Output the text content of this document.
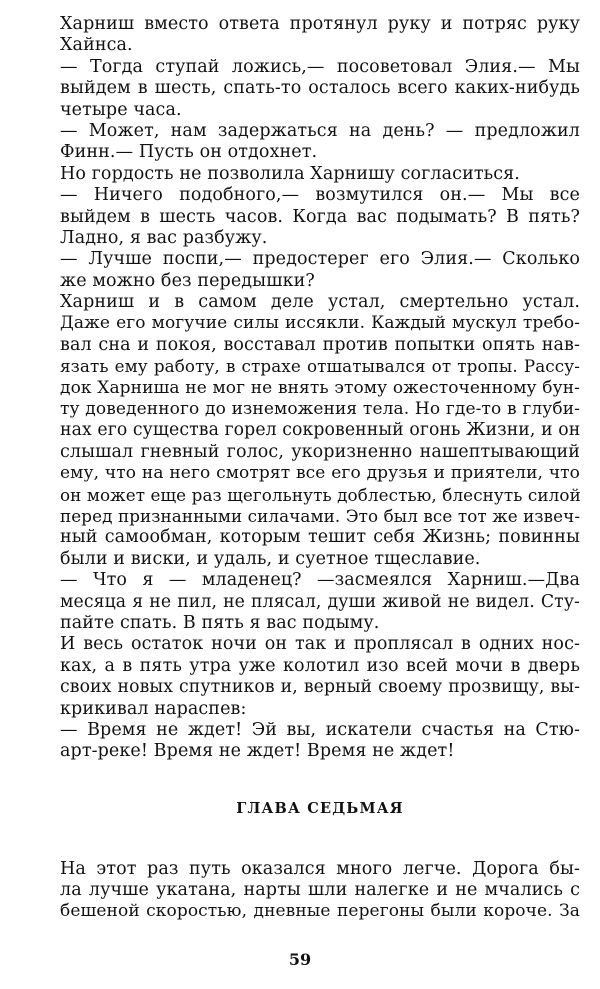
Харниш вместо ответа протянул руку и потряс руку
Хайнса.
— Тогда ступай ложись,— посоветовал Элия.— Мы
выйдем в шесть, спать-то осталось всего каких-нибудь
четыре часа.
— Может, нам задержаться на день? — предложил
Финн.— Пусть он отдохнет.
Но гордость не позволила Харнишу согласиться.
— Ничего подобного,— возмутился он.— Мы все
выйдем в шесть часов. Когда вас подымать? В пять?
Ладно, я вас разбужу.
— Лучше поспи,— предостерег его Элия.— Сколько
же можно без передышки?
Харниш и в самом деле устал, смертельно устал.
Даже его могучие силы иссякли. Каждый мускул требо-
вал сна и покоя, восставал против попытки опять нав-
язать ему работу, в страхе отшатывался от тропы. Рассу-
док Харниша не мог не внять этому ожесточенному бун-
ту доведенного до изнеможения тела. Но где-то в глуби-
нах его существа горел сокровенный огонь Жизни, и он
слышал гневный голос, укоризненно нашептывающий
ему, что на него смотрят все его друзья и приятели, что
он может еще раз щегольнуть доблестью, блеснуть силой
перед признанными силачами. Это был все тот же извеч-
ный самообман, которым тешит себя Жизнь; повинны
были и виски, и удаль, и суетное тщеславие.
— Что я — младенец? —засмеялся Харниш.—Два
месяца я не пил, не плясал, души живой не видел. Сту-
пайте спать. В пять я вас подыму.
И весь остаток ночи он так и проплясал в одних нос-
ках, а в пять утра уже колотил изо всей мочи в дверь
своих новых спутников и, верный своему прозвищу, вы-
крикивал нараспев:
— Время не ждет! Эй вы, искатели счастья на Стю-
арт-реке! Время не ждет! Время не ждет!
ГЛАВА СЕДЬМАЯ
На этот раз путь оказался много легче. Дорога бы-
ла лучше укатана, нарты шли налегке и не мчались с
бешеной скоростью, дневные перегоны были короче. За
59
